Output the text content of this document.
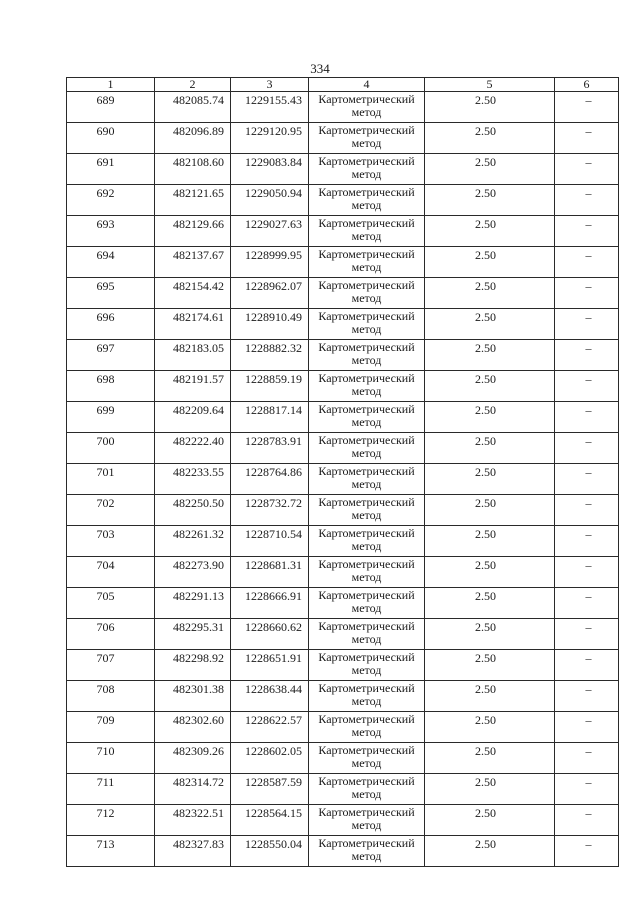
334
1	2	3	4	5	6
689	482085.74	1229155.43	Картометрический метод	2.50	–
690	482096.89	1229120.95	Картометрический метод	2.50	–
691	482108.60	1229083.84	Картометрический метод	2.50	–
692	482121.65	1229050.94	Картометрический метод	2.50	–
693	482129.66	1229027.63	Картометрический метод	2.50	–
694	482137.67	1228999.95	Картометрический метод	2.50	–
695	482154.42	1228962.07	Картометрический метод	2.50	–
696	482174.61	1228910.49	Картометрический метод	2.50	–
697	482183.05	1228882.32	Картометрический метод	2.50	–
698	482191.57	1228859.19	Картометрический метод	2.50	–
699	482209.64	1228817.14	Картометрический метод	2.50	–
700	482222.40	1228783.91	Картометрический метод	2.50	–
701	482233.55	1228764.86	Картометрический метод	2.50	–
702	482250.50	1228732.72	Картометрический метод	2.50	–
703	482261.32	1228710.54	Картометрический метод	2.50	–
704	482273.90	1228681.31	Картометрический метод	2.50	–
705	482291.13	1228666.91	Картометрический метод	2.50	–
706	482295.31	1228660.62	Картометрический метод	2.50	–
707	482298.92	1228651.91	Картометрический метод	2.50	–
708	482301.38	1228638.44	Картометрический метод	2.50	–
709	482302.60	1228622.57	Картометрический метод	2.50	–
710	482309.26	1228602.05	Картометрический метод	2.50	–
711	482314.72	1228587.59	Картометрический метод	2.50	–
712	482322.51	1228564.15	Картометрический метод	2.50	–
713	482327.83	1228550.04	Картометрический метод	2.50	–
